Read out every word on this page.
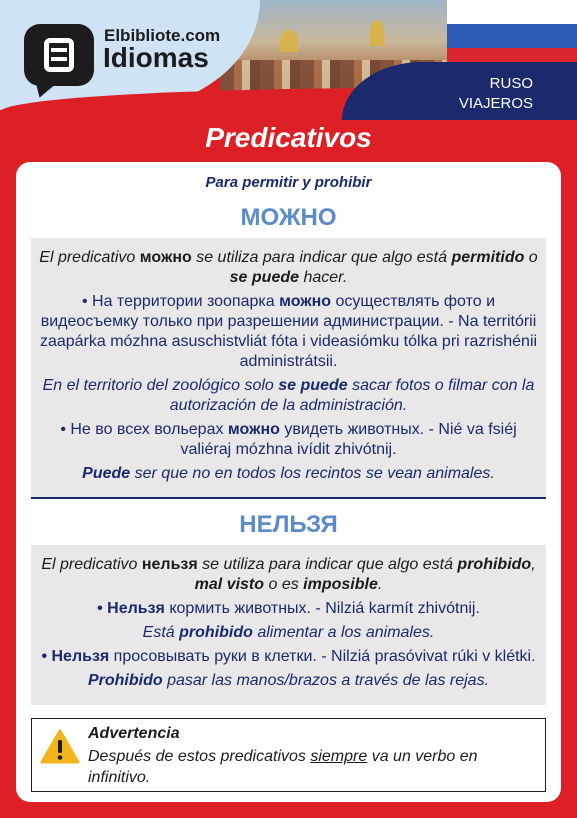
RUSO
VIAJEROS
Elbibliote.com
Idiomas
Predicativos
Para permitir y prohibir
МОЖНО

El predicativo можно se utiliza para indicar que algo está permitido o se puede hacer.

• На территории зоопарка можно осуществлять фото и видеосъемку только при разрешении администрации. - Na territórii zaapárka mózhna asuschistvliát fóta i videasiómku tólka pri razrishénii administrátsii.

En el territorio del zoológico solo se puede sacar fotos o filmar con la autorización de la administración.

• Не во всех вольерах можно увидеть животных. - Nié va fsiéj valiéraj mózhna ivídit zhivótnij.

Puede ser que no en todos los recintos se vean animales.

НЕЛЬЗЯ

El predicativo нельзя se utiliza para indicar que algo está prohibido, mal visto o es imposible.

• Нельзя кормить животных. - Nilziá karmít zhivótnij.

Está prohibido alimentar a los animales.

• Нельзя просовывать руки в клетки. - Nilziá prasóvivat rúki v klétki.

Prohibido pasar las manos/brazos a través de las rejas.

Advertencia
Después de estos predicativos siempre va un verbo en infinitivo.
